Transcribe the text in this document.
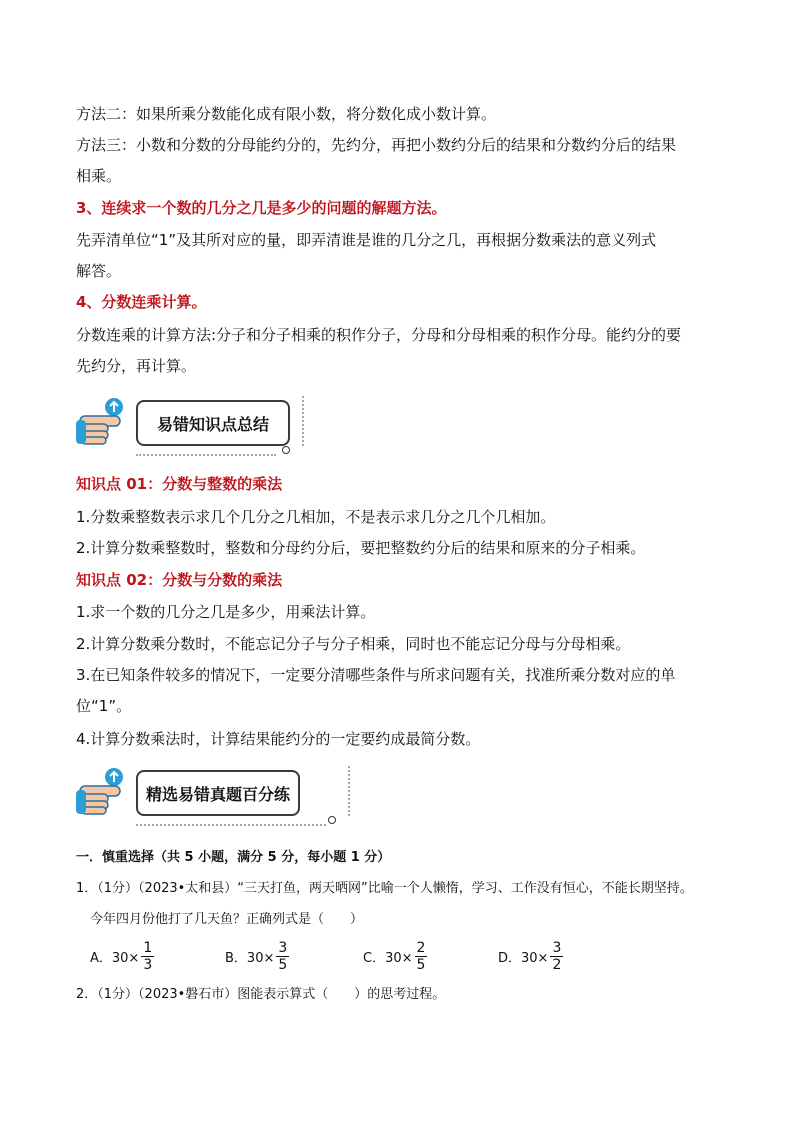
方法二：如果所乘分数能化成有限小数，将分数化成小数计算。
方法三：小数和分数的分母能约分的，先约分，再把小数约分后的结果和分数约分后的结果
相乘。
3、连续求一个数的几分之几是多少的问题的解题方法。
先弄清单位“1”及其所对应的量，即弄清谁是谁的几分之几，再根据分数乘法的意义列式
解答。
4、分数连乘计算。
分数连乘的计算方法:分子和分子相乘的积作分子，分母和分母相乘的积作分母。能约分的要
先约分，再计算。
易错知识点总结
知识点 01：分数与整数的乘法
1.分数乘整数表示求几个几分之几相加，不是表示求几分之几个几相加。
2.计算分数乘整数时，整数和分母约分后，要把整数约分后的结果和原来的分子相乘。
知识点 02：分数与分数的乘法
1.求一个数的几分之几是多少，用乘法计算。
2.计算分数乘分数时，不能忘记分子与分子相乘，同时也不能忘记分母与分母相乘。
3.在已知条件较多的情况下，一定要分清哪些条件与所求问题有关，找准所乘分数对应的单
位“1”。
4.计算分数乘法时，计算结果能约分的一定要约成最简分数。
精选易错真题百分练
一．慎重选择（共 5 小题，满分 5 分，每小题 1 分）
1．（1分）（2023•太和县）“三天打鱼，两天晒网”比喻一个人懒惰，学习、工作没有恒心，不能长期坚持。
今年四月份他打了几天鱼？正确列式是（　　）
A．$30\times \frac{1}{3}$	B．$30\times \frac{3}{5}$	C．$30\times \frac{2}{5}$	D．$30\times \frac{3}{2}$
2．（1分）（2023•磐石市）图能表示算式（　　）的思考过程。
